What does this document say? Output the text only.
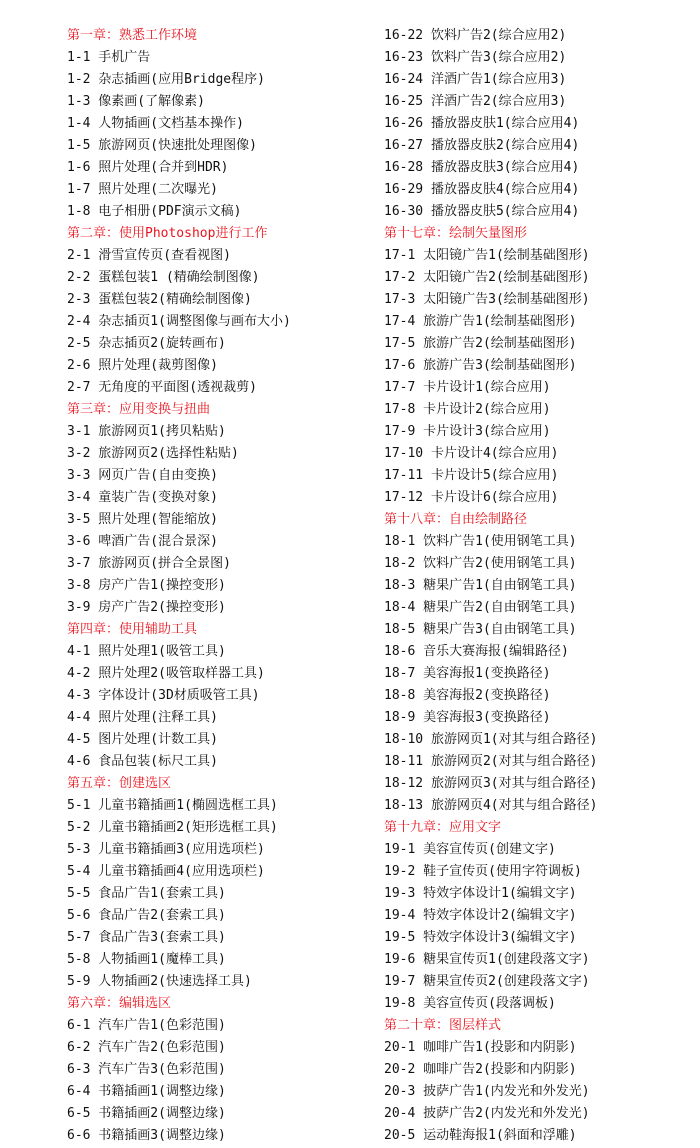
第一章：熟悉工作环境
1-1 手机广告
1-2 杂志插画(应用Bridge程序)
1-3 像素画(了解像素)
1-4 人物插画(文档基本操作)
1-5 旅游网页(快速批处理图像)
1-6 照片处理(合并到HDR)
1-7 照片处理(二次曝光)
1-8 电子相册(PDF演示文稿)
第二章：使用Photoshop进行工作
2-1 滑雪宣传页(查看视图)
2-2 蛋糕包装1 (精确绘制图像)
2-3 蛋糕包装2(精确绘制图像)
2-4 杂志插页1(调整图像与画布大小)
2-5 杂志插页2(旋转画布)
2-6 照片处理(裁剪图像)
2-7 无角度的平面图(透视裁剪)
第三章：应用变换与扭曲
3-1 旅游网页1(拷贝粘贴)
3-2 旅游网页2(选择性粘贴)
3-3 网页广告(自由变换)
3-4 童装广告(变换对象)
3-5 照片处理(智能缩放)
3-6 啤酒广告(混合景深)
3-7 旅游网页(拼合全景图)
3-8 房产广告1(操控变形)
3-9 房产广告2(操控变形)
第四章：使用辅助工具
4-1 照片处理1(吸管工具)
4-2 照片处理2(吸管取样器工具)
4-3 字体设计(3D材质吸管工具)
4-4 照片处理(注释工具)
4-5 图片处理(计数工具)
4-6 食品包装(标尺工具)
第五章：创建选区
5-1 儿童书籍插画1(椭圆选框工具)
5-2 儿童书籍插画2(矩形选框工具)
5-3 儿童书籍插画3(应用选项栏)
5-4 儿童书籍插画4(应用选项栏)
5-5 食品广告1(套索工具)
5-6 食品广告2(套索工具)
5-7 食品广告3(套索工具)
5-8 人物插画1(魔棒工具)
5-9 人物插画2(快速选择工具)
第六章：编辑选区
6-1 汽车广告1(色彩范围)
6-2 汽车广告2(色彩范围)
6-3 汽车广告3(色彩范围)
6-4 书籍插画1(调整边缘)
6-5 书籍插画2(调整边缘)
6-6 书籍插画3(调整边缘)
16-22 饮料广告2(综合应用2)
16-23 饮料广告3(综合应用2)
16-24 洋酒广告1(综合应用3)
16-25 洋酒广告2(综合应用3)
16-26 播放器皮肤1(综合应用4)
16-27 播放器皮肤2(综合应用4)
16-28 播放器皮肤3(综合应用4)
16-29 播放器皮肤4(综合应用4)
16-30 播放器皮肤5(综合应用4)
第十七章：绘制矢量图形
17-1 太阳镜广告1(绘制基础图形)
17-2 太阳镜广告2(绘制基础图形)
17-3 太阳镜广告3(绘制基础图形)
17-4 旅游广告1(绘制基础图形)
17-5 旅游广告2(绘制基础图形)
17-6 旅游广告3(绘制基础图形)
17-7 卡片设计1(综合应用)
17-8 卡片设计2(综合应用)
17-9 卡片设计3(综合应用)
17-10 卡片设计4(综合应用)
17-11 卡片设计5(综合应用)
17-12 卡片设计6(综合应用)
第十八章：自由绘制路径
18-1 饮料广告1(使用钢笔工具)
18-2 饮料广告2(使用钢笔工具)
18-3 糖果广告1(自由钢笔工具)
18-4 糖果广告2(自由钢笔工具)
18-5 糖果广告3(自由钢笔工具)
18-6 音乐大赛海报(编辑路径)
18-7 美容海报1(变换路径)
18-8 美容海报2(变换路径)
18-9 美容海报3(变换路径)
18-10 旅游网页1(对其与组合路径)
18-11 旅游网页2(对其与组合路径)
18-12 旅游网页3(对其与组合路径)
18-13 旅游网页4(对其与组合路径)
第十九章：应用文字
19-1 美容宣传页(创建文字)
19-2 鞋子宣传页(使用字符调板)
19-3 特效字体设计1(编辑文字)
19-4 特效字体设计2(编辑文字)
19-5 特效字体设计3(编辑文字)
19-6 糖果宣传页1(创建段落文字)
19-7 糖果宣传页2(创建段落文字)
19-8 美容宣传页(段落调板)
第二十章：图层样式
20-1 咖啡广告1(投影和内阴影)
20-2 咖啡广告2(投影和内阴影)
20-3 披萨广告1(内发光和外发光)
20-4 披萨广告2(内发光和外发光)
20-5 运动鞋海报1(斜面和浮雕)
